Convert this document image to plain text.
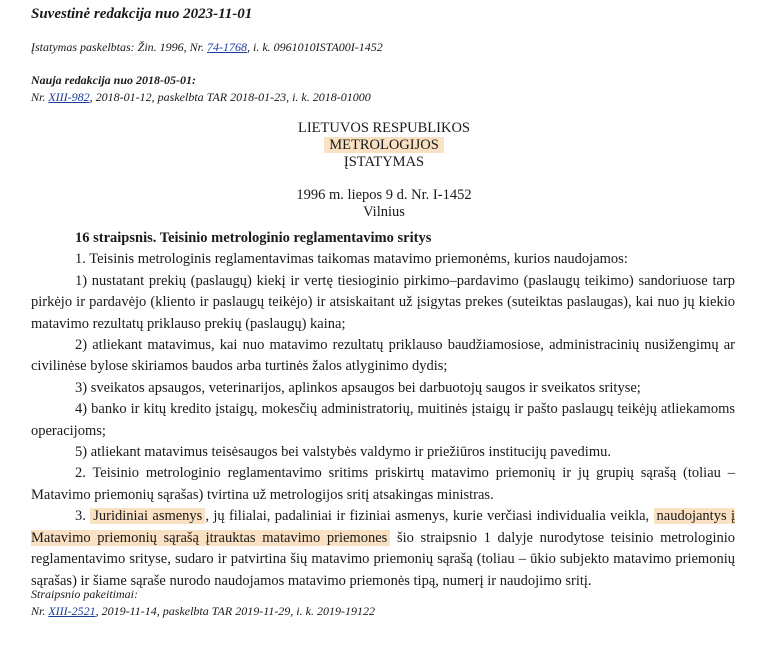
Suvestinė redakcija nuo 2023-11-01
Įstatymas paskelbtas: Žin. 1996, Nr. 74-1768, i. k. 0961010ISTA00I-1452
Nauja redakcija nuo 2018-05-01:
Nr. XIII-982, 2018-01-12, paskelbta TAR 2018-01-23, i. k. 2018-01000
LIETUVOS RESPUBLIKOS
METROLOGIJOS
ĮSTATYMAS
1996 m. liepos 9 d. Nr. I-1452
Vilnius

16 straipsnis. Teisinio metrologinio reglamentavimo sritys

1. Teisinis metrologinis reglamentavimas taikomas matavimo priemonėms, kurios naudojamos:

1) nustatant prekių (paslaugų) kiekį ir vertę tiesioginio pirkimo–pardavimo (paslaugų teikimo) sandoriuose tarp pirkėjo ir pardavėjo (kliento ir paslaugų teikėjo) ir atsiskaitant už įsigytas prekes (suteiktas paslaugas), kai nuo jų kiekio matavimo rezultatų priklauso prekių (paslaugų) kaina;

2) atliekant matavimus, kai nuo matavimo rezultatų priklauso baudžiamosiose, administracinių nusižengimų ar civilinėse bylose skiriamos baudos arba turtinės žalos atlyginimo dydis;

3) sveikatos apsaugos, veterinarijos, aplinkos apsaugos bei darbuotojų saugos ir sveikatos srityse;

4) banko ir kitų kredito įstaigų, mokesčių administratorių, muitinės įstaigų ir pašto paslaugų teikėjų atliekamoms operacijoms;

5) atliekant matavimus teisėsaugos bei valstybės valdymo ir priežiūros institucijų pavedimu.

2. Teisinio metrologinio reglamentavimo sritims priskirtų matavimo priemonių ir jų grupių sąrašą (toliau – Matavimo priemonių sąrašas) tvirtina už metrologijos sritį atsakingas ministras.

3. Juridiniai asmenys , jų filialai, padaliniai ir fiziniai asmenys, kurie verčiasi individualia veikla, naudojantys į Matavimo priemonių sąrašą įtrauktas matavimo priemones šio straipsnio 1 dalyje nurodytose teisinio metrologinio reglamentavimo srityse, sudaro ir patvirtina šių matavimo priemonių sąrašą (toliau – ūkio subjekto matavimo priemonių sąrašas) ir šiame sąraše nurodo naudojamos matavimo priemonės tipą, numerį ir naudojimo sritį.

Straipsnio pakeitimai:
Nr. XIII-2521, 2019-11-14, paskelbta TAR 2019-11-29, i. k. 2019-19122
